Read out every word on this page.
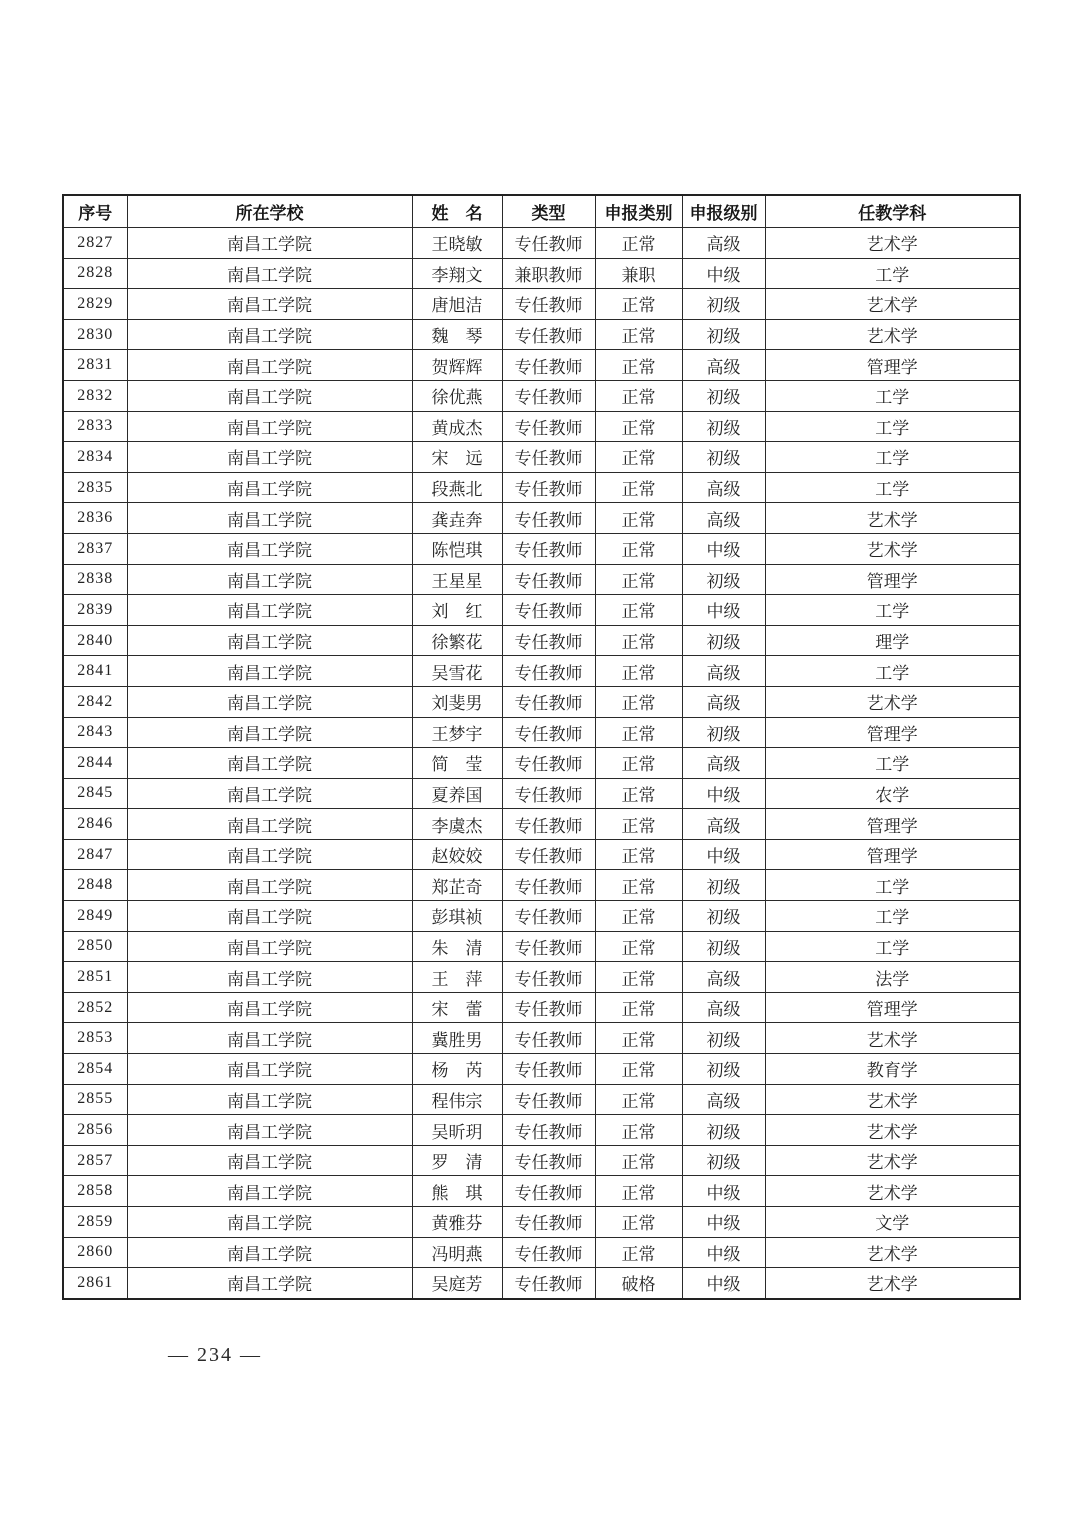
序号	所在学校	姓　名	类型	申报类别	申报级别	任教学科
2827	南昌工学院	王晓敏	专任教师	正常	高级	艺术学
2828	南昌工学院	李翔文	兼职教师	兼职	中级	工学
2829	南昌工学院	唐旭洁	专任教师	正常	初级	艺术学
2830	南昌工学院	魏　琴	专任教师	正常	初级	艺术学
2831	南昌工学院	贺辉辉	专任教师	正常	高级	管理学
2832	南昌工学院	徐优燕	专任教师	正常	初级	工学
2833	南昌工学院	黄成杰	专任教师	正常	初级	工学
2834	南昌工学院	宋　远	专任教师	正常	初级	工学
2835	南昌工学院	段燕北	专任教师	正常	高级	工学
2836	南昌工学院	龚垚奔	专任教师	正常	高级	艺术学
2837	南昌工学院	陈恺琪	专任教师	正常	中级	艺术学
2838	南昌工学院	王星星	专任教师	正常	初级	管理学
2839	南昌工学院	刘　红	专任教师	正常	中级	工学
2840	南昌工学院	徐繁花	专任教师	正常	初级	理学
2841	南昌工学院	吴雪花	专任教师	正常	高级	工学
2842	南昌工学院	刘斐男	专任教师	正常	高级	艺术学
2843	南昌工学院	王梦宇	专任教师	正常	初级	管理学
2844	南昌工学院	简　莹	专任教师	正常	高级	工学
2845	南昌工学院	夏养国	专任教师	正常	中级	农学
2846	南昌工学院	李虞杰	专任教师	正常	高级	管理学
2847	南昌工学院	赵姣姣	专任教师	正常	中级	管理学
2848	南昌工学院	郑芷奇	专任教师	正常	初级	工学
2849	南昌工学院	彭琪祯	专任教师	正常	初级	工学
2850	南昌工学院	朱　清	专任教师	正常	初级	工学
2851	南昌工学院	王　萍	专任教师	正常	高级	法学
2852	南昌工学院	宋　蕾	专任教师	正常	高级	管理学
2853	南昌工学院	冀胜男	专任教师	正常	初级	艺术学
2854	南昌工学院	杨　芮	专任教师	正常	初级	教育学
2855	南昌工学院	程伟宗	专任教师	正常	高级	艺术学
2856	南昌工学院	吴昕玥	专任教师	正常	初级	艺术学
2857	南昌工学院	罗　清	专任教师	正常	初级	艺术学
2858	南昌工学院	熊　琪	专任教师	正常	中级	艺术学
2859	南昌工学院	黄雅芬	专任教师	正常	中级	文学
2860	南昌工学院	冯明燕	专任教师	正常	中级	艺术学
2861	南昌工学院	吴庭芳	专任教师	破格	中级	艺术学
— 234 —
